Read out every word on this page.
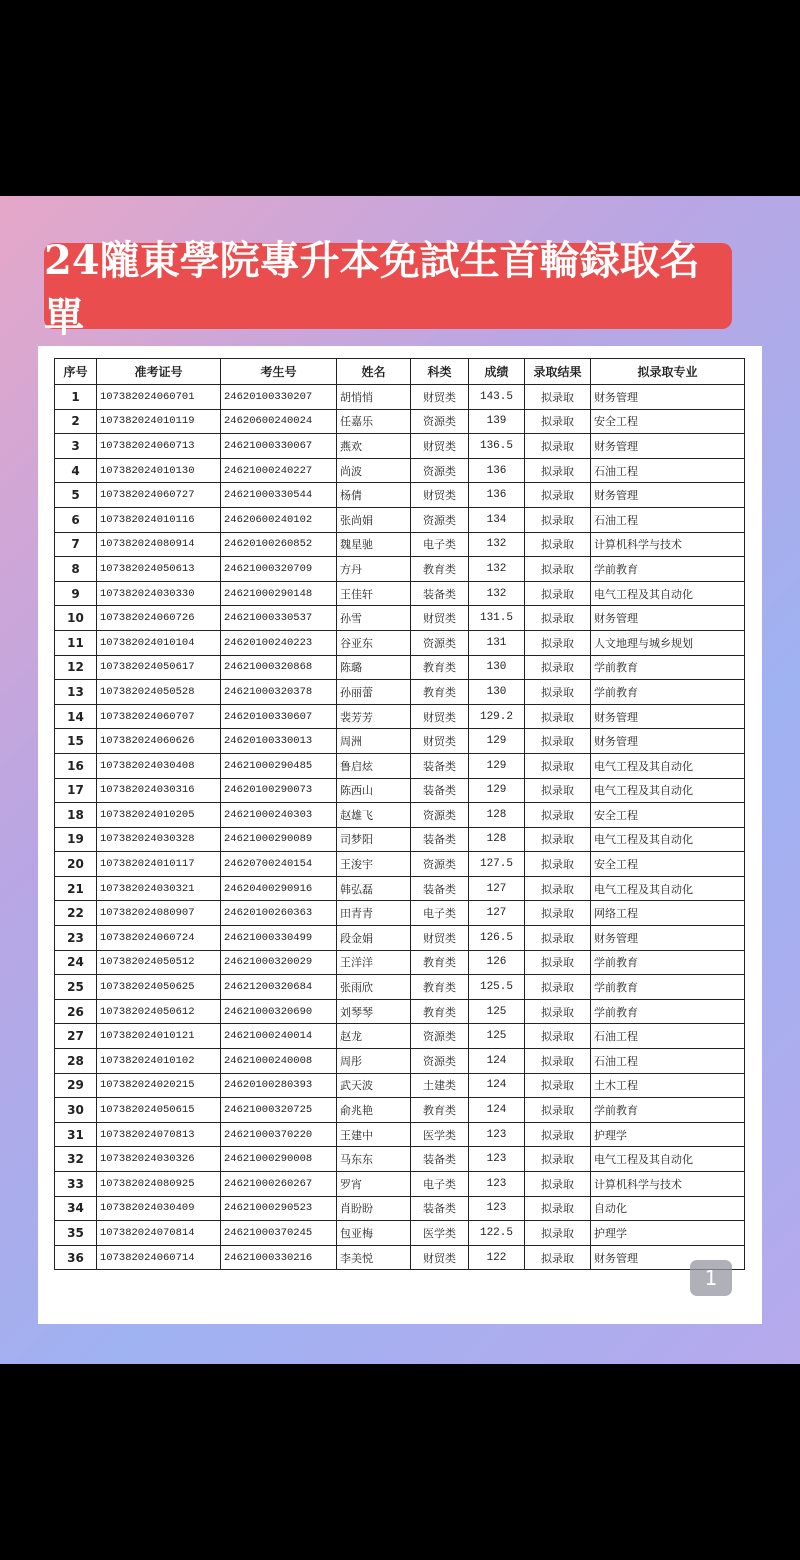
24隴東學院專升本免試生首輪録取名單
序号	准考证号	考生号	姓名	科类	成绩	录取结果	拟录取专业
1	107382024060701	24620100330207	胡悄悄	财贸类	143.5	拟录取	财务管理
2	107382024010119	24620600240024	任嘉乐	资源类	139	拟录取	安全工程
3	107382024060713	24621000330067	燕欢	财贸类	136.5	拟录取	财务管理
4	107382024010130	24621000240227	尚波	资源类	136	拟录取	石油工程
5	107382024060727	24621000330544	杨倩	财贸类	136	拟录取	财务管理
6	107382024010116	24620600240102	张尚娟	资源类	134	拟录取	石油工程
7	107382024080914	24620100260852	魏星驰	电子类	132	拟录取	计算机科学与技术
8	107382024050613	24621000320709	方丹	教育类	132	拟录取	学前教育
9	107382024030330	24621000290148	王佳轩	装备类	132	拟录取	电气工程及其自动化
10	107382024060726	24621000330537	孙雪	财贸类	131.5	拟录取	财务管理
11	107382024010104	24620100240223	谷亚东	资源类	131	拟录取	人文地理与城乡规划
12	107382024050617	24621000320868	陈璐	教育类	130	拟录取	学前教育
13	107382024050528	24621000320378	孙丽蕾	教育类	130	拟录取	学前教育
14	107382024060707	24620100330607	裴芳芳	财贸类	129.2	拟录取	财务管理
15	107382024060626	24620100330013	周洲	财贸类	129	拟录取	财务管理
16	107382024030408	24621000290485	鲁启炫	装备类	129	拟录取	电气工程及其自动化
17	107382024030316	24620100290073	陈西山	装备类	129	拟录取	电气工程及其自动化
18	107382024010205	24621000240303	赵雄飞	资源类	128	拟录取	安全工程
19	107382024030328	24621000290089	司梦阳	装备类	128	拟录取	电气工程及其自动化
20	107382024010117	24620700240154	王浚宇	资源类	127.5	拟录取	安全工程
21	107382024030321	24620400290916	韩弘磊	装备类	127	拟录取	电气工程及其自动化
22	107382024080907	24620100260363	田青青	电子类	127	拟录取	网络工程
23	107382024060724	24621000330499	段金娟	财贸类	126.5	拟录取	财务管理
24	107382024050512	24621000320029	王洋洋	教育类	126	拟录取	学前教育
25	107382024050625	24621200320684	张雨欣	教育类	125.5	拟录取	学前教育
26	107382024050612	24621000320690	刘琴琴	教育类	125	拟录取	学前教育
27	107382024010121	24621000240014	赵龙	资源类	125	拟录取	石油工程
28	107382024010102	24621000240008	周彤	资源类	124	拟录取	石油工程
29	107382024020215	24620100280393	武天波	土建类	124	拟录取	土木工程
30	107382024050615	24621000320725	俞兆艳	教育类	124	拟录取	学前教育
31	107382024070813	24621000370220	王建中	医学类	123	拟录取	护理学
32	107382024030326	24621000290008	马东东	装备类	123	拟录取	电气工程及其自动化
33	107382024080925	24621000260267	罗宵	电子类	123	拟录取	计算机科学与技术
34	107382024030409	24621000290523	肖盼盼	装备类	123	拟录取	自动化
35	107382024070814	24621000370245	包亚梅	医学类	122.5	拟录取	护理学
36	107382024060714	24621000330216	李美悦	财贸类	122	拟录取	财务管理
1
